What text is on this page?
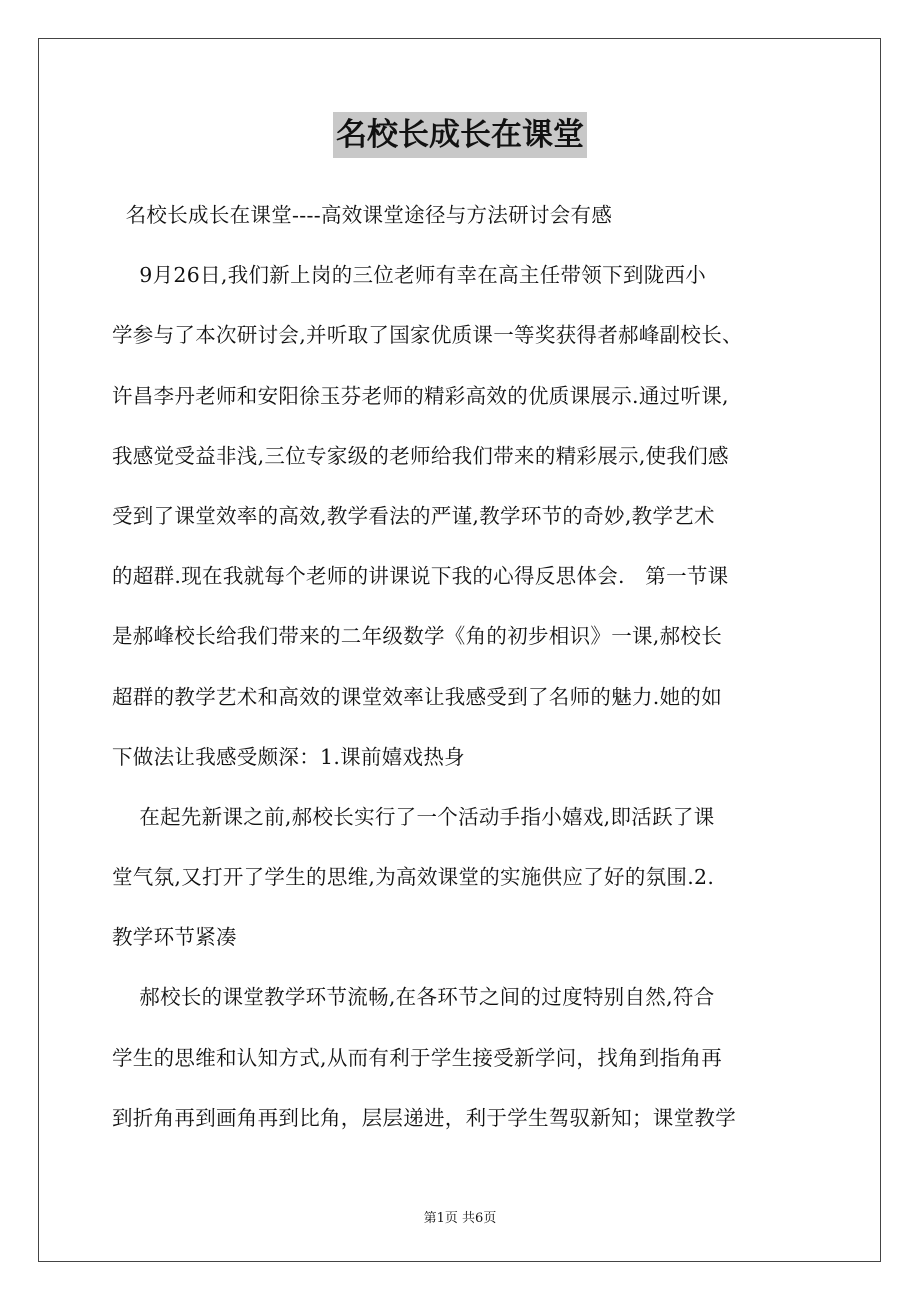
名校长成长在课堂
名校长成长在课堂----高效课堂途径与方法研讨会有感
9月26日,我们新上岗的三位老师有幸在高主任带领下到陇西小
学参与了本次研讨会,并听取了国家优质课一等奖获得者郝峰副校长、
许昌李丹老师和安阳徐玉芬老师的精彩高效的优质课展示.通过听课,
我感觉受益非浅,三位专家级的老师给我们带来的精彩展示,使我们感
受到了课堂效率的高效,教学看法的严谨,教学环节的奇妙,教学艺术
的超群.现在我就每个老师的讲课说下我的心得反思体会.   第一节课
是郝峰校长给我们带来的二年级数学《角的初步相识》一课,郝校长
超群的教学艺术和高效的课堂效率让我感受到了名师的魅力.她的如
下做法让我感受颇深：1.课前嬉戏热身
在起先新课之前,郝校长实行了一个活动手指小嬉戏,即活跃了课
堂气氛,又打开了学生的思维,为高效课堂的实施供应了好的氛围.2.
教学环节紧凑
郝校长的课堂教学环节流畅,在各环节之间的过度特别自然,符合
学生的思维和认知方式,从而有利于学生接受新学问，找角到指角再
到折角再到画角再到比角，层层递进，利于学生驾驭新知；课堂教学
第1页 共6页
